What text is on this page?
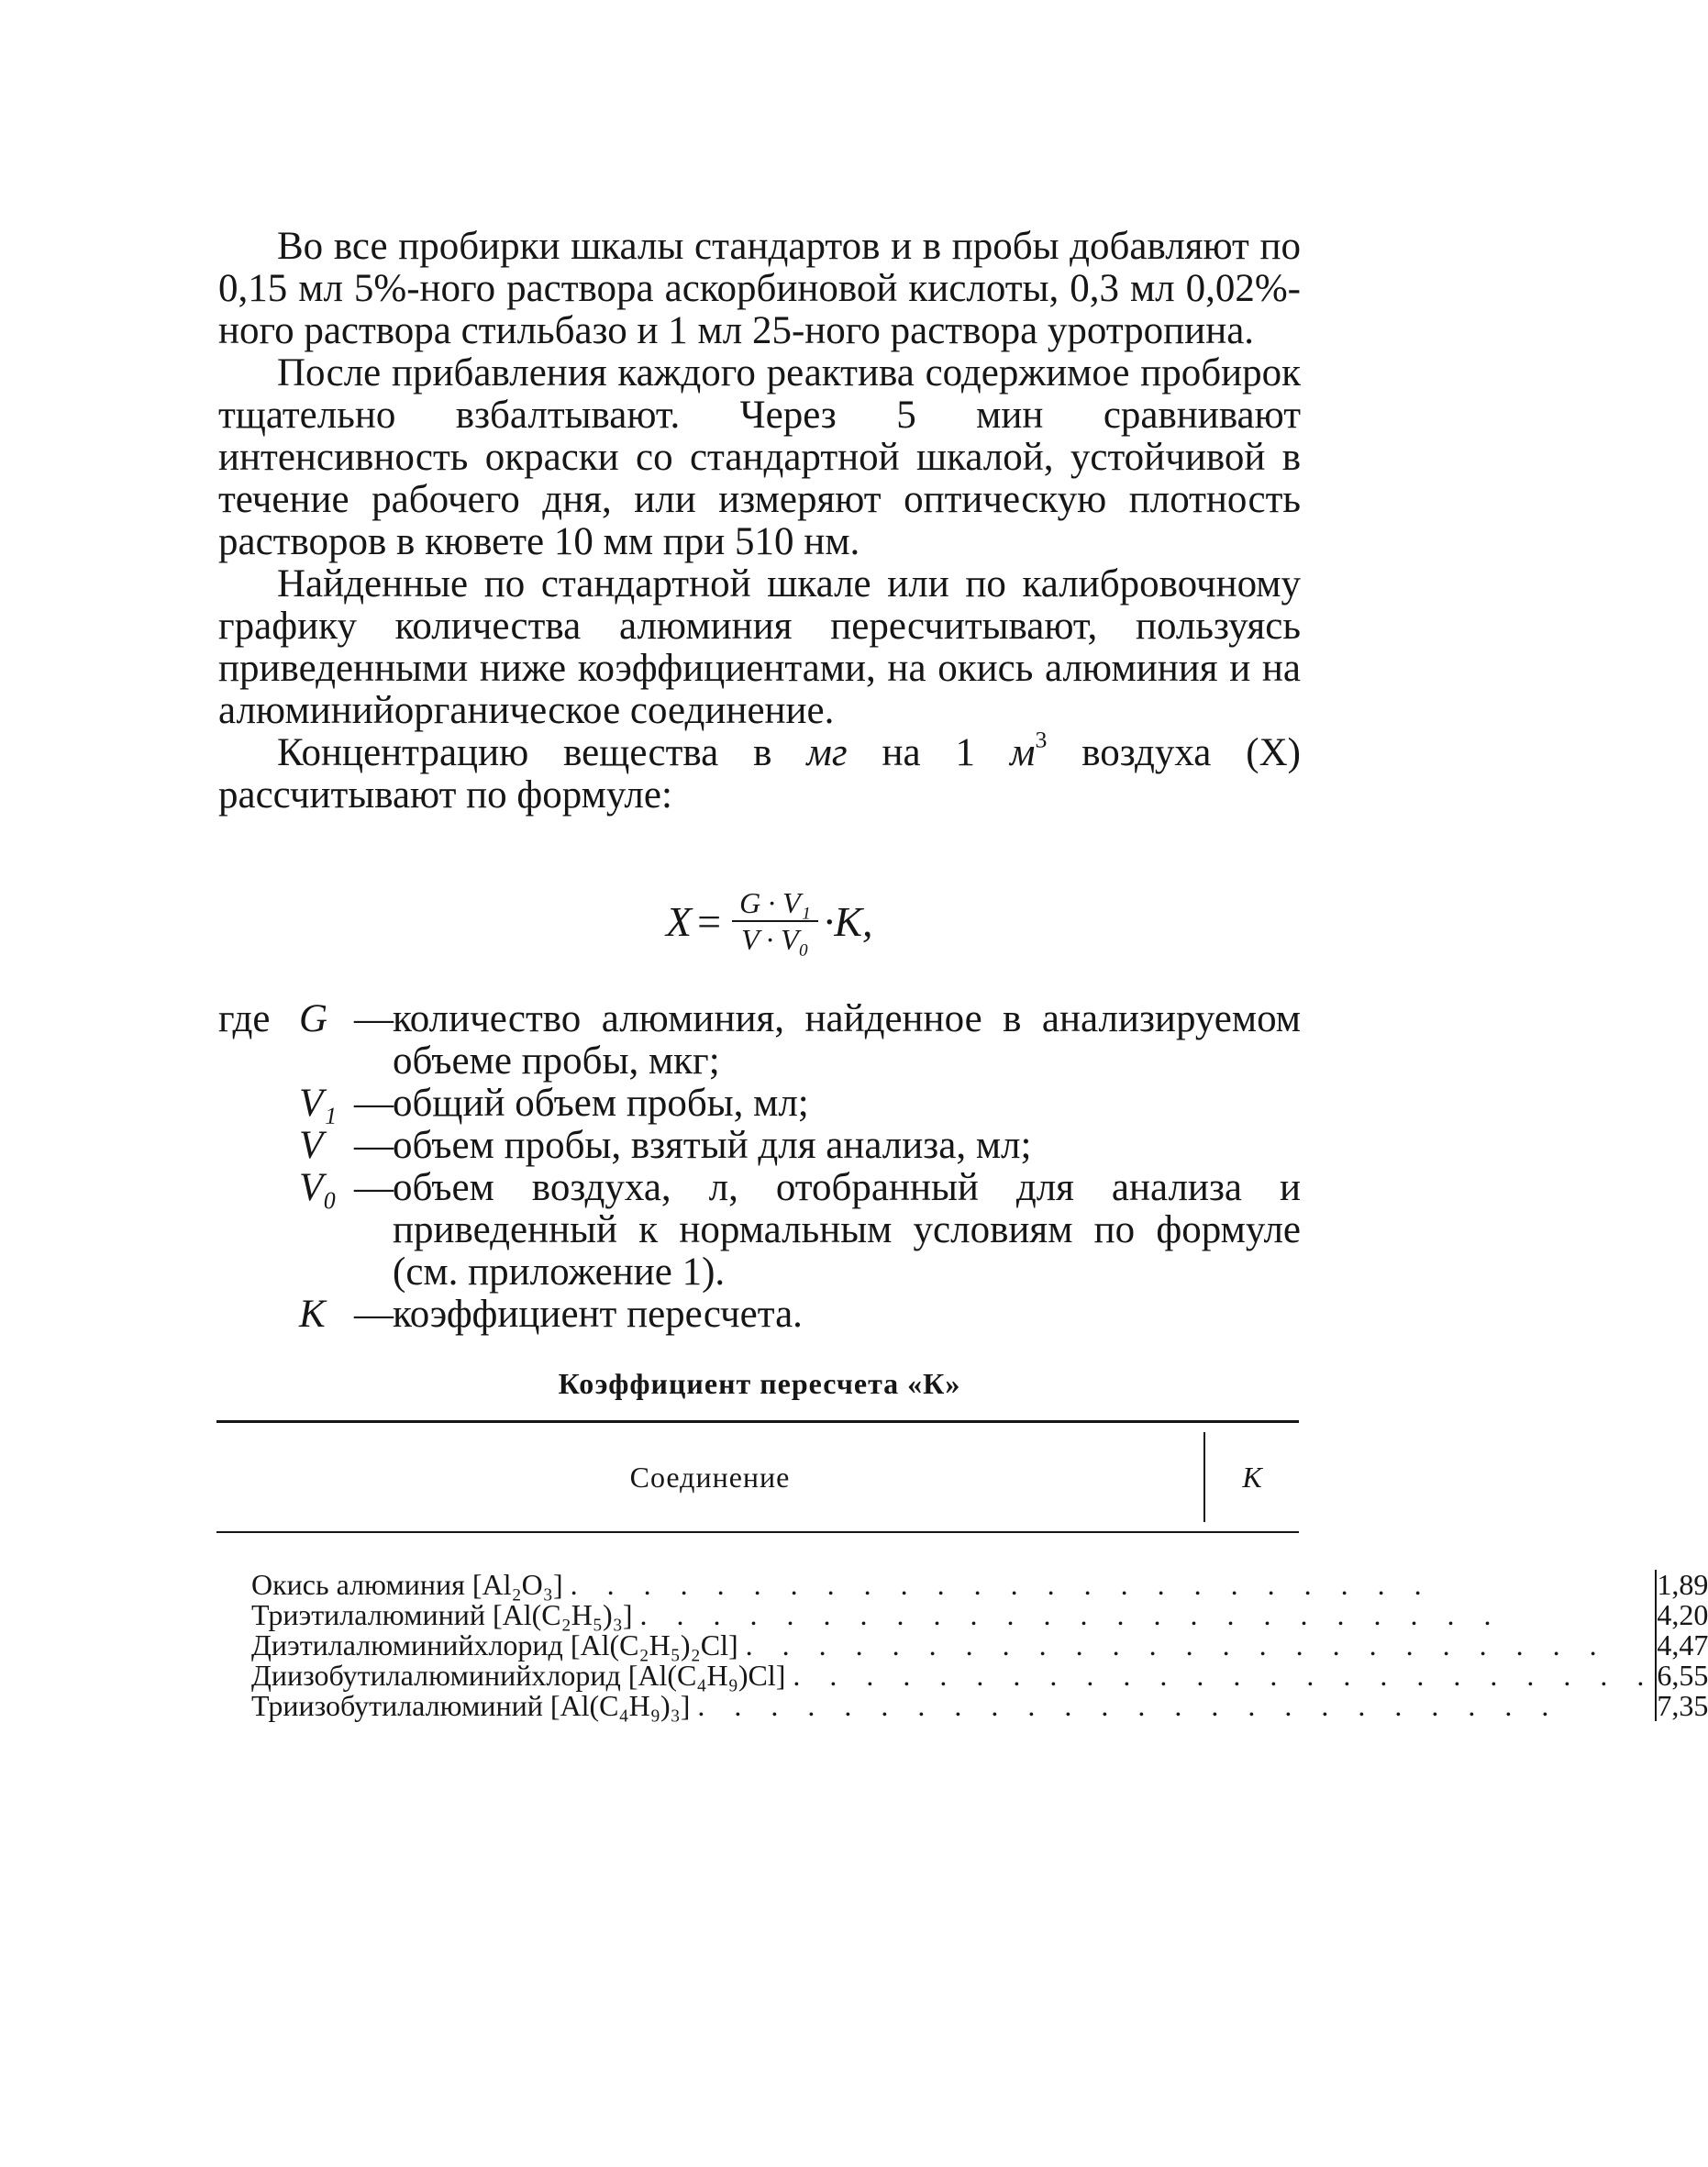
Во все пробирки шкалы стандартов и в пробы добавляют по 0,15 мл 5%-ного раствора аскорбиновой кислоты, 0,3 мл 0,02%-ного раствора стильбазо и 1 мл 25-ного раствора уротропина.

После прибавления каждого реактива содержимое пробирок тщательно взбалтывают. Через 5 мин сравнивают интенсивность окраски со стандартной шкалой, устойчивой в течение рабочего дня, или измеряют оптическую плотность растворов в кювете 10 мм при 510 нм.

Найденные по стандартной шкале или по калибровочному графику количества алюминия пересчитывают, пользуясь приведенными ниже коэффициентами, на окись алюминия и на алюминийорганическое соединение.

Концентрацию вещества в мг на 1 $м^3$ воздуха (X) рассчитывают по формуле:

$X = \frac{\text{G · V₁}}{\text{V · V₀}} \cdot K$,
где G — количество алюминия, найденное в анализируемом объеме пробы, мкг;
V₁ — общий объем пробы, мл;
V — объем пробы, взятый для анализа, мл;
V₀ — объем воздуха, л, отобранный для анализа и приведенный к нормальным условиям по формуле (см. приложение 1).
K — коэффициент пересчета.
Коэффициент пересчета «К»
Соединение	К
Окись алюминия [Al₂O₃] . . . . . . . . . . . . . . . . . . . . . . . .
Триэтилалюминий [Al(C₂H₅)₃] . . . . . . . . . . . . . . . . . . . . . . . .
Диэтилалюминийхлорид [Al(C₂H₅)₂Cl] . . . . . . . . . . . . . . . . . . . . . . . .
Диизобутилалюминийхлорид [Al(C₄H₉)Cl] . . . . . . . . . . . . . . . . . . . . . . . .
Триизобутилалюминий [Al(C₄H₉)₃] . . . . . . . . . . . . . . . . . . . . . . . .
1,89
4,20
4,47
6,55
7,35
